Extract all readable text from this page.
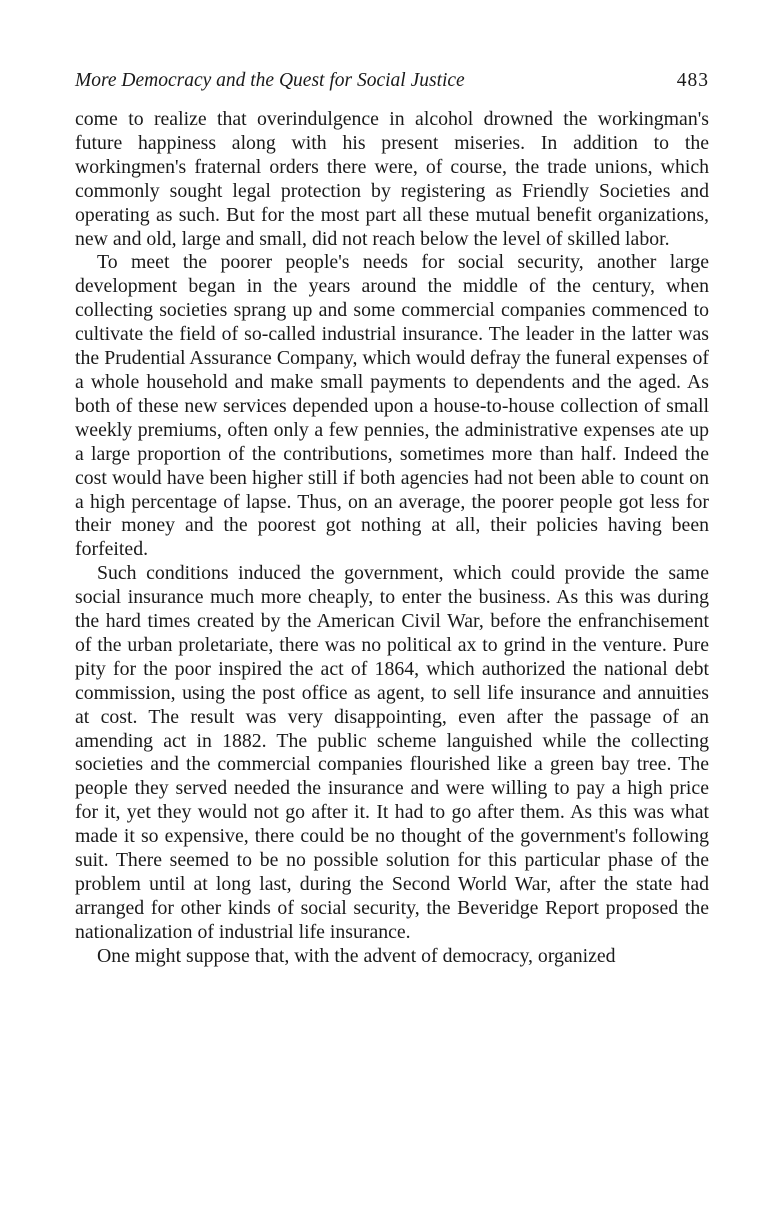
More Democracy and the Quest for Social Justice	483

come to realize that overindulgence in alcohol drowned the workingman's future happiness along with his present miseries. In addition to the workingmen's fraternal orders there were, of course, the trade unions, which commonly sought legal protection by registering as Friendly Societies and operating as such. But for the most part all these mutual benefit organizations, new and old, large and small, did not reach below the level of skilled labor.

To meet the poorer people's needs for social security, another large development began in the years around the middle of the century, when collecting societies sprang up and some commercial companies commenced to cultivate the field of so-called industrial insurance. The leader in the latter was the Prudential Assurance Company, which would defray the funeral expenses of a whole household and make small payments to dependents and the aged. As both of these new services depended upon a house-to-house collection of small weekly premiums, often only a few pennies, the administrative expenses ate up a large proportion of the contributions, sometimes more than half. Indeed the cost would have been higher still if both agencies had not been able to count on a high percentage of lapse. Thus, on an average, the poorer people got less for their money and the poorest got nothing at all, their policies having been forfeited.

Such conditions induced the government, which could provide the same social insurance much more cheaply, to enter the business. As this was during the hard times created by the American Civil War, before the enfranchisement of the urban proletariate, there was no political ax to grind in the venture. Pure pity for the poor inspired the act of 1864, which authorized the national debt commission, using the post office as agent, to sell life insurance and annuities at cost. The result was very disappointing, even after the passage of an amending act in 1882. The public scheme languished while the collecting societies and the commercial companies flourished like a green bay tree. The people they served needed the insurance and were willing to pay a high price for it, yet they would not go after it. It had to go after them. As this was what made it so expensive, there could be no thought of the government's following suit. There seemed to be no possible solution for this particular phase of the problem until at long last, during the Second World War, after the state had arranged for other kinds of social security, the Beveridge Report proposed the nationalization of industrial life insurance.

One might suppose that, with the advent of democracy, organized
